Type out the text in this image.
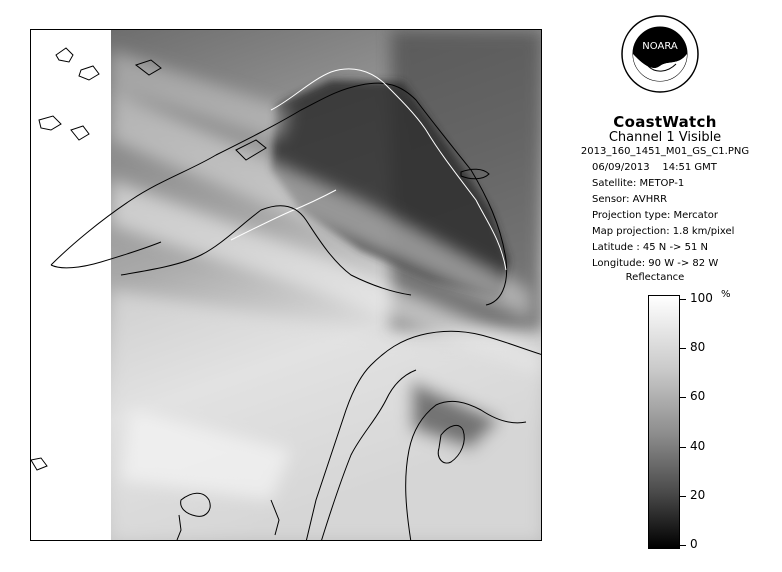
NOARA
CoastWatch
Channel 1 Visible
2013_160_1451_M01_GS_C1.PNG
06/09/2013 14:51 GMT
Satellite: METOP-1
Sensor: AVHRR
Projection type: Mercator
Map projection: 1.8 km/pixel
Latitude : 45 N -> 51 N
Longitude: 90 W -> 82 W
Reflectance
%
100
80
60
40
20
0
